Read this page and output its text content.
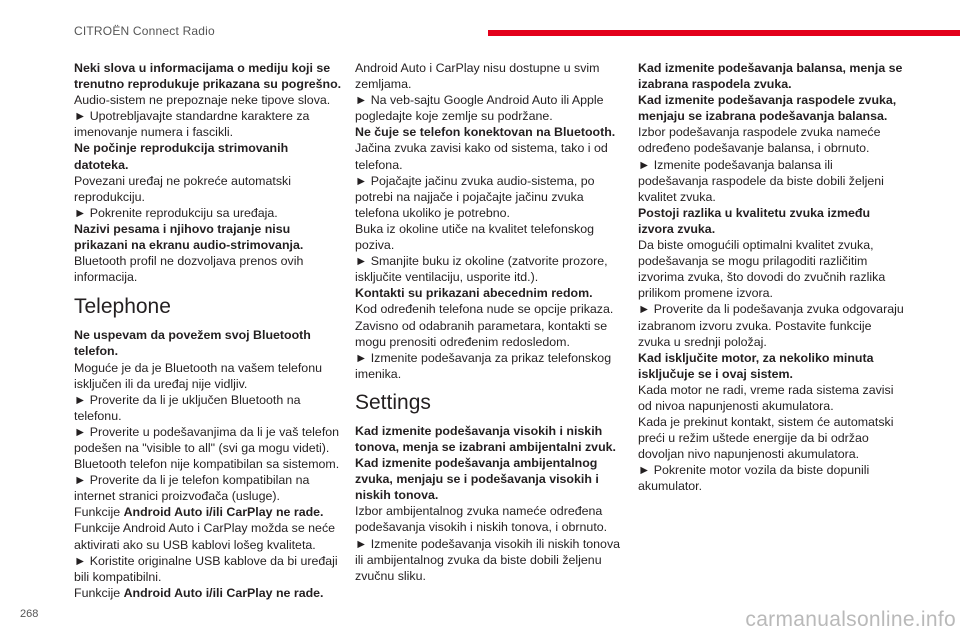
CITROËN Connect Radio

Neki slova u informacijama o mediju koji se trenutno reprodukuje prikazana su pogrešno.

Audio-sistem ne prepoznaje neke tipove slova.

► Upotrebljavajte standardne karaktere za imenovanje numera i fascikli.

Ne počinje reprodukcija strimovanih datoteka.

Povezani uređaj ne pokreće automatski reprodukciju.

► Pokrenite reprodukciju sa uređaja.

Nazivi pesama i njihovo trajanje nisu prikazani na ekranu audio-strimovanja.

Bluetooth profil ne dozvoljava prenos ovih informacija.

Telephone

Ne uspevam da povežem svoj Bluetooth telefon.

Moguće je da je Bluetooth na vašem telefonu isključen ili da uređaj nije vidljiv.

► Proverite da li je uključen Bluetooth na telefonu.

► Proverite u podešavanjima da li je vaš telefon podešen na "visible to all" (svi ga mogu videti).

Bluetooth telefon nije kompatibilan sa sistemom.

► Proverite da li je telefon kompatibilan na internet stranici proizvođača (usluge).

Funkcije Android Auto i/ili CarPlay ne rade.

Funkcije Android Auto i CarPlay možda se neće aktivirati ako su USB kablovi lošeg kvaliteta.

► Koristite originalne USB kablove da bi uređaji bili kompatibilni.

Funkcije Android Auto i/ili CarPlay ne rade.

Android Auto i CarPlay nisu dostupne u svim zemljama.

► Na veb-sajtu Google Android Auto ili Apple pogledajte koje zemlje su podržane.

Ne čuje se telefon konektovan na Bluetooth.

Jačina zvuka zavisi kako od sistema, tako i od telefona.

► Pojačajte jačinu zvuka audio-sistema, po potrebi na najjače i pojačajte jačinu zvuka telefona ukoliko je potrebno.

Buka iz okoline utiče na kvalitet telefonskog poziva.

► Smanjite buku iz okoline (zatvorite prozore, isključite ventilaciju, usporite itd.).

Kontakti su prikazani abecednim redom.

Kod određenih telefona nude se opcije prikaza. Zavisno od odabranih parametara, kontakti se mogu prenositi određenim redosledom.

► Izmenite podešavanja za prikaz telefonskog imenika.

Settings

Kad izmenite podešavanja visokih i niskih tonova, menja se izabrani ambijentalni zvuk.

Kad izmenite podešavanja ambijentalnog zvuka, menjaju se i podešavanja visokih i niskih tonova.

Izbor ambijentalnog zvuka nameće određena podešavanja visokih i niskih tonova, i obrnuto.

► Izmenite podešavanja visokih ili niskih tonova ili ambijentalnog zvuka da biste dobili željenu zvučnu sliku.

Kad izmenite podešavanja balansa, menja se izabrana raspodela zvuka.

Kad izmenite podešavanja raspodele zvuka, menjaju se izabrana podešavanja balansa.

Izbor podešavanja raspodele zvuka nameće određeno podešavanje balansa, i obrnuto.

► Izmenite podešavanja balansa ili podešavanja raspodele da biste dobili željeni kvalitet zvuka.

Postoji razlika u kvalitetu zvuka između izvora zvuka.

Da biste omogućili optimalni kvalitet zvuka, podešavanja se mogu prilagoditi različitim izvorima zvuka, što dovodi do zvučnih razlika prilikom promene izvora.

► Proverite da li podešavanja zvuka odgovaraju izabranom izvoru zvuka. Postavite funkcije zvuka u srednji položaj.

Kad isključite motor, za nekoliko minuta isključuje se i ovaj sistem.

Kada motor ne radi, vreme rada sistema zavisi od nivoa napunjenosti akumulatora.

Kada je prekinut kontakt, sistem će automatski preći u režim uštede energije da bi održao dovoljan nivo napunjenosti akumulatora.

► Pokrenite motor vozila da biste dopunili akumulator.

268	carmanualsonline.info
